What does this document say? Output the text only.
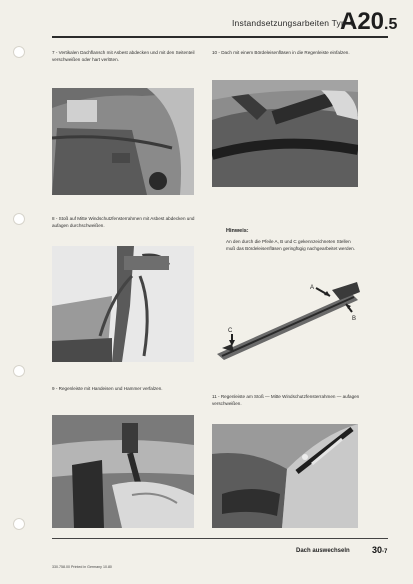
Instandsetzungsarbeiten Typ 4
A20.5
7 - Vertikalen Dachflansch mit Asbest abdecken und mit den Seitenteil verschweißen oder hart verlöten.
10 - Dach mit einem Bördeleisenfläsen in die Regenleiste einfalzen.
8 - Stoß auf Mitte Windschutzfensterrahmen mit Asbest abdecken und aufagen durchschweißen.
Hinweis:
An den durch die Pfeile A, B und C gekennzeichneten Stellen muß das Bördeleisenfläsen geringfügig nachgearbeitet werden.
A
B
C
9 - Regenleiste mit Handeisen und Hammer verfalzen.
11 - Regenleiste am Stoß — Mitte Windschutzfensterrahmen — aufagen verschweißen.
Dach auswechseln 30-7
330.758.00 Printed in Germany 10.80
